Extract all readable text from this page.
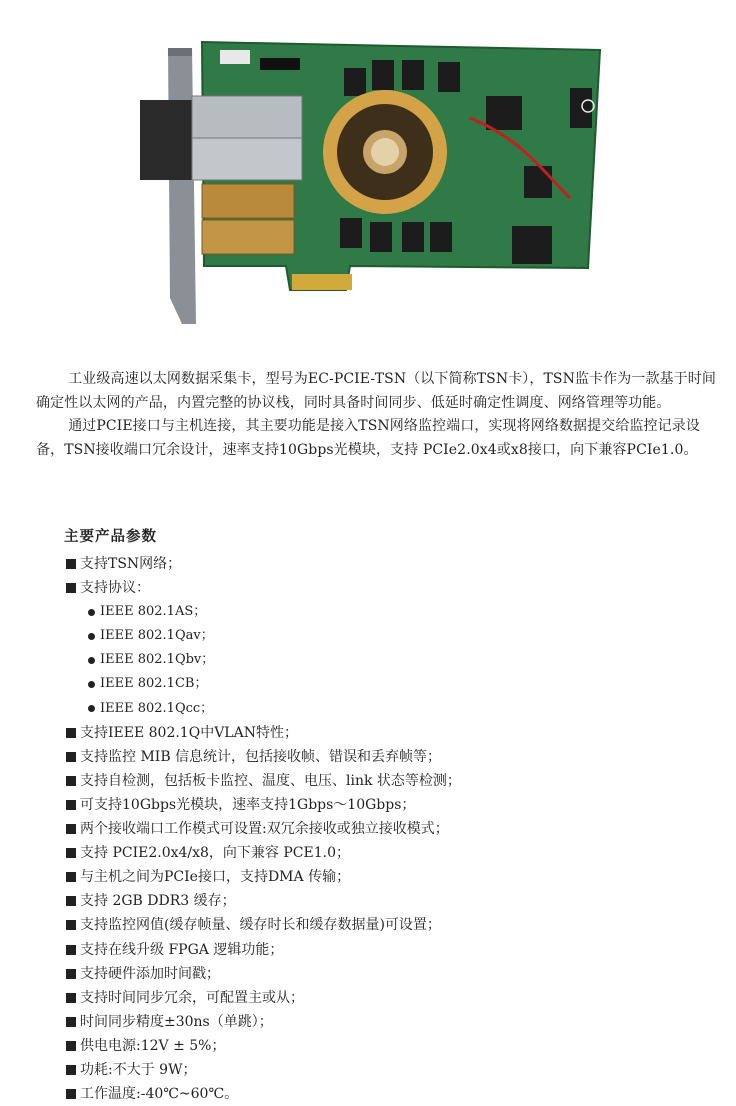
工业级高速以太网数据采集卡，型号为EC-PCIE-TSN（以下简称TSN卡），TSN监卡作为一款基于时间确定性以太网的产品，内置完整的协议栈，同时具备时间同步、低延时确定性调度、网络管理等功能。

通过PCIE接口与主机连接，其主要功能是接入TSN网络监控端口，实现将网络数据提交给监控记录设备，TSN接收端口冗余设计，速率支持10Gbps光模块，支持 PCIe2.0x4或x8接口，向下兼容PCIe1.0。

主要产品参数
支持TSN网络；
支持协议：
IEEE 802.1AS；
IEEE 802.1Qav；
IEEE 802.1Qbv；
IEEE 802.1CB；
IEEE 802.1Qcc；
支持IEEE 802.1Q中VLAN特性；
支持监控 MIB 信息统计，包括接收帧、错误和丢弃帧等；
支持自检测，包括板卡监控、温度、电压、link 状态等检测；
可支持10Gbps光模块，速率支持1Gbps～10Gbps；
两个接收端口工作模式可设置:双冗余接收或独立接收模式；
支持 PCIE2.0x4/x8，向下兼容 PCE1.0；
与主机之间为PCIe接口，支持DMA 传输；
支持 2GB DDR3 缓存；
支持监控网值(缓存帧量、缓存时长和缓存数据量)可设置；
支持在线升级 FPGA 逻辑功能；
支持硬件添加时间戳；
支持时间同步冗余，可配置主或从；
时间同步精度±30ns（单跳）；
供电电源:12V ± 5%；
功耗:不大于 9W；
工作温度:-40℃~60℃。
